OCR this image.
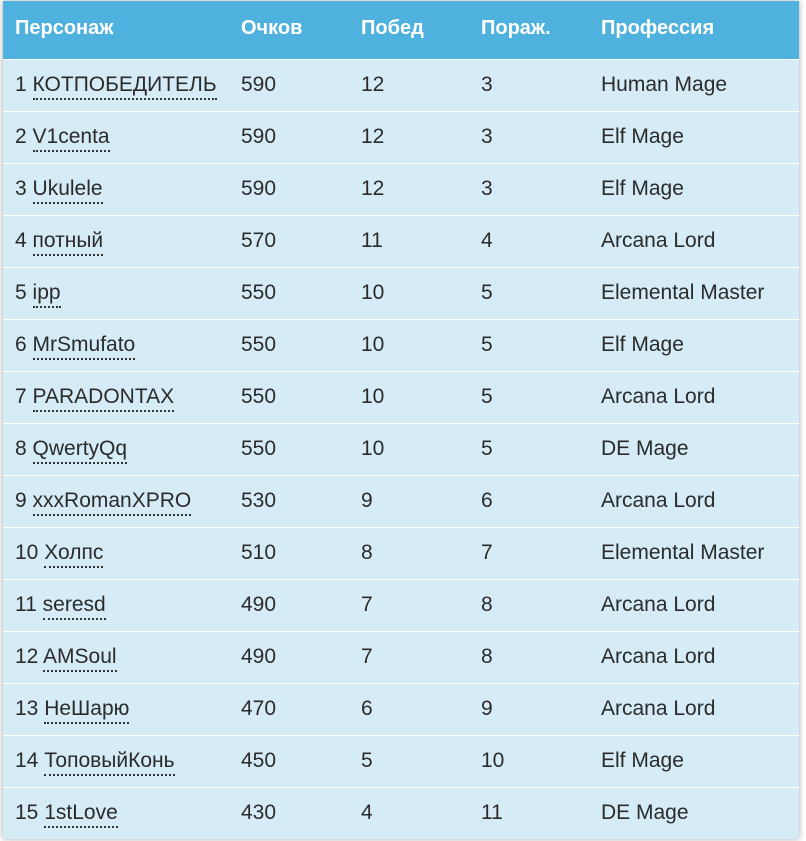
Персонаж	Очков	Побед	Пораж.	Профессия
1 КОТПОБЕДИТЕЛЬ	590	12	3	Human Mage
2 V1centa	590	12	3	Elf Mage
3 Ukulele	590	12	3	Elf Mage
4 потный	570	11	4	Arcana Lord
5 ipp	550	10	5	Elemental Master
6 MrSmufato	550	10	5	Elf Mage
7 PARADONTAX	550	10	5	Arcana Lord
8 QwertyQq	550	10	5	DE Mage
9 xxxRomanXPRO	530	9	6	Arcana Lord
10 Холпс	510	8	7	Elemental Master
11 seresd	490	7	8	Arcana Lord
12 AMSoul	490	7	8	Arcana Lord
13 НеШарю	470	6	9	Arcana Lord
14 ТоповыйКонь	450	5	10	Elf Mage
15 1stLove	430	4	11	DE Mage
